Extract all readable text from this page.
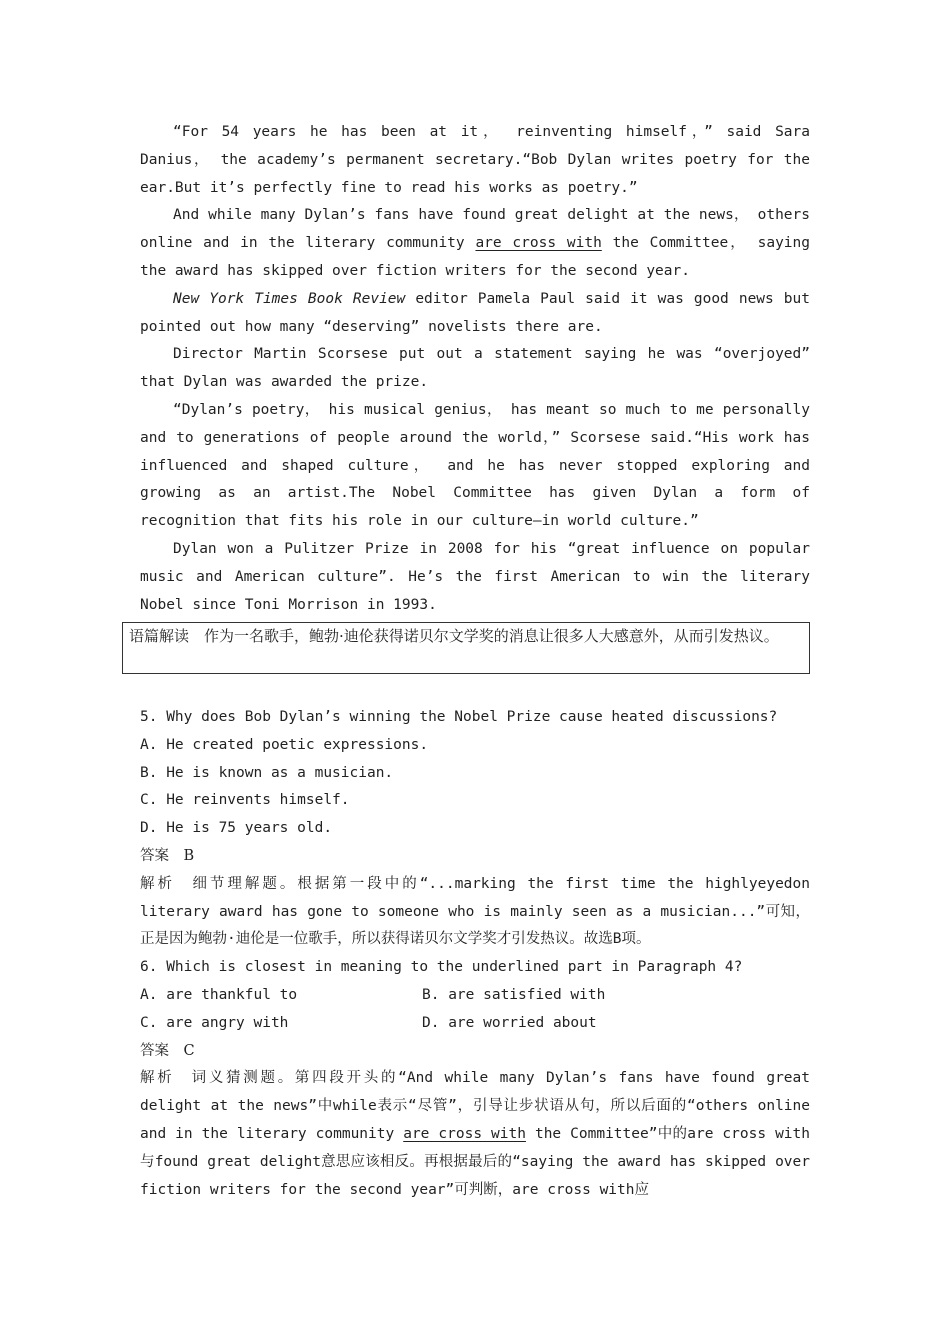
“For 54 years he has been at it， reinventing himself，” said Sara Danius， the academy’s permanent secretary.“Bob Dylan writes poetry for the ear.But it’s perfectly fine to read his works as poetry.”

And while many Dylan’s fans have found great delight at the news， others online and in the literary community are cross with the Committee， saying the award has skipped over fiction writers for the second year.

New York Times Book Review editor Pamela Paul said it was good news but pointed out how many “deserving” novelists there are.

Director Martin Scorsese put out a statement saying he was “overjoyed” that Dylan was awarded the prize.

“Dylan’s poetry， his musical genius， has meant so much to me personally and to generations of people around the world，” Scorsese said.“His work has influenced and shaped culture， and he has never stopped exploring and growing as an artist.The Nobel Committee has given Dylan a form of recognition that fits his role in our culture—in world culture.”

Dylan won a Pulitzer Prize in 2008 for his “great influence on popular music and American culture”. He’s the first American to win the literary Nobel since Toni Morrison in 1993.

语篇解读　作为一名歌手，鲍勃·迪伦获得诺贝尔文学奖的消息让很多人大感意外，从而引发热议。

5. Why does Bob Dylan’s winning the Nobel Prize cause heated discussions?

A. He created poetic expressions.

B. He is known as a musician.

C. He reinvents himself.

D. He is 75 years old.

答案　B

解析　细节理解题。根据第一段中的“...marking the first time the highlyeyedon literary award has gone to someone who is mainly seen as a musician...”可知，正是因为鲍勃·迪伦是一位歌手，所以获得诺贝尔文学奖才引发热议。故选B项。

6. Which is closest in meaning to the underlined part in Paragraph 4?

A. are thankful to	B. are satisfied with

C. are angry with	D. are worried about

答案　C

解析　词义猜测题。第四段开头的“And while many Dylan’s fans have found great delight at the news”中while表示“尽管”，引导让步状语从句，所以后面的“others online and in the literary community are cross with the Committee”中的are cross with与found great delight意思应该相反。再根据最后的“saying the award has skipped over fiction writers for the second year”可判断，are cross with应
